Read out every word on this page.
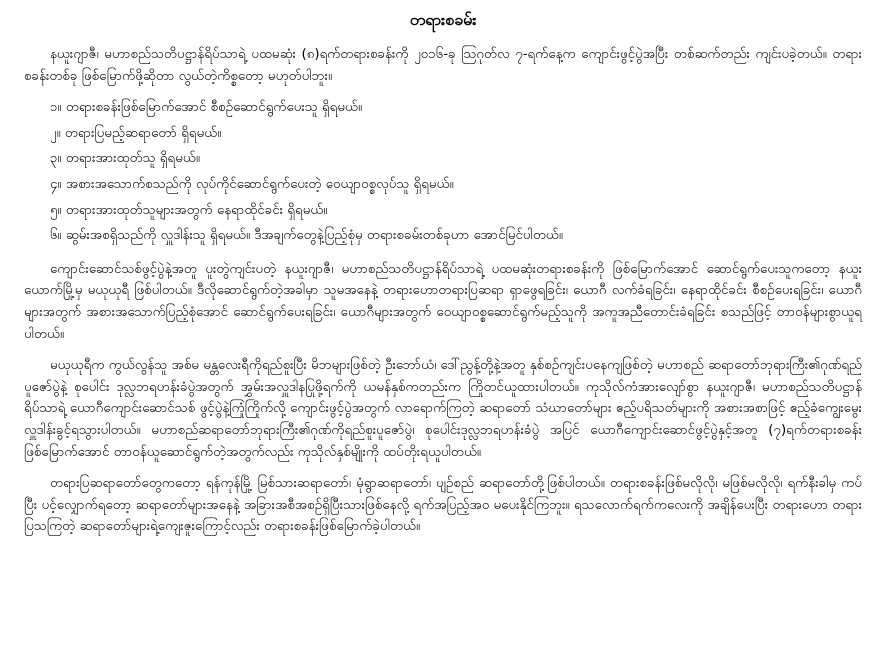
တရားစခမ်း

နယူးဂျာဇီ၊ မဟာစည်သတိပဋ္ဌာန်ရိပ်သာရဲ့ ပထမဆုံး (၈)ရက်တရားစခန်းကို ၂၀၁၆-ခု ဩဂုတ်လ ၇-ရက်နေ့က ကျောင်းဖွင့်ပွဲအပြီး တစ်ဆက်တည်း ကျင်းပခဲ့တယ်။ တရားစခန်းတစ်ခု ဖြစ်မြောက်ဖို့ဆိုတာ လွယ်တဲ့ကိစ္စတော့ မဟုတ်ပါဘူး။

၁။ တရားစခန်းဖြစ်မြောက်အောင် စီစဉ်ဆောင်ရွက်ပေးသူ ရှိရမယ်။
၂။ တရားပြမည့်ဆရာတော် ရှိရမယ်။
၃။ တရားအားထုတ်သူ ရှိရမယ်။
၄။ အစားအသောက်စသည်ကို လုပ်ကိုင်ဆောင်ရွက်ပေးတဲ့ ဝေယျာဝစ္စလုပ်သူ ရှိရမယ်။
၅။ တရားအားထုတ်သူများအတွက် နေရာထိုင်ခင်း ရှိရမယ်။
၆။ ဆွမ်းအစရှိသည်ကို လှူဒါန်းသူ ရှိရမယ်။ ဒီအချက်တွေနဲ့ပြည့်စုံမှ တရားစခမ်းတစ်ခုဟာ အောင်မြင်ပါတယ်။

ကျောင်းဆောင်သစ်ဖွင့်ပွဲနဲ့အတူ ပူးတွဲကျင်းပတဲ့ နယူးဂျာဇီ၊ မဟာစည်သတိပဋ္ဌာန်ရိပ်သာရဲ့ ပထမဆုံးတရားစခန်းကို ဖြစ်မြောက်အောင် ဆောင်ရွက်ပေးသူကတော့ နယူးယောက်မြို့မှ မယုယုရီ ဖြစ်ပါတယ်။ ဒီလိုဆောင်ရွက်တဲ့အခါမှာ သူမအနေနဲ့ တရားဟောတရားပြဆရာ ရှာဖွေရခြင်း၊ ယောဂီ လက်ခံရခြင်း၊ နေရာထိုင်ခင်း စီစဉ်ပေးရခြင်း၊ ယောဂီများအတွက် အစားအသောက်ပြည့်စုံအောင် ဆောင်ရွက်ပေးရခြင်း၊ ယောဂီများအတွက် ဝေယျာဝစ္စဆောင်ရွက်မည့်သူကို အကူအညီတောင်းခံရခြင်း စသည်ဖြင့် တာဝန်များစွာယူရပါတယ်။

မယုယုရီက ကွယ်လွန်သူ အစ်မ မန္တလေးရီကိုရည်စူးပြီး မိဘများဖြစ်တဲ့ ဦးဘော်ယံ၊ ဒေါ်ညွန့်တို့နဲ့အတူ နှစ်စဉ်ကျင်းပနေကျဖြစ်တဲ့ မဟာစည် ဆရာတော်ဘုရားကြီး၏ဂုဏ်ရည်ပူဇော်ပွဲနဲ့ စုပေါင်း ဒုလ္လဘရဟန်းခံပွဲအတွက် အွှမ်းအလှူဒါနပြုဖို့ရက်ကို ယမန်နှစ်ကတည်းက ကြိုတင်ယူထားပါတယ်။ ကုသိုလ်ကံအားလျော်စွာ နယူးဂျာဇီ၊ မဟာစည်သတိပဋ္ဌာန်ရိပ်သာရဲ့ ယောဂီကျောင်းဆောင်သစ် ဖွင့်ပွဲနဲ့ကြုံကြိုက်လို့ ကျောင်းဖွင့်ပွဲအတွက် လာရောက်ကြတဲ့ ဆရာတော် သံဃာတော်များ ဧည့်ပရိသတ်များကို အစားအစာဖြင့် ဧည့်ခံကျွေးမွေး လှူဒါန်းခွင့်ရသွားပါတယ်။ မဟာစည်ဆရာတော်ဘုရားကြီး၏ဂုဏ်ကိုရည်စူးပူဇော်ပွဲ၊ စုပေါင်းဒုလ္လဘရဟန်းခံပွဲ အပြင် ယောဂီကျောင်းဆောင်ဖွင့်ပွဲနှင့်အတူ (၇)ရက်တရားစခန်းဖြစ်မြောက်အောင် တာဝန်ယူဆောင်ရွက်တဲ့အတွက်လည်း ကုသိုလ်နှစ်မျိုးကို ထပ်တိုးရယူပါတယ်။

တရားပြဆရာတော်တွေကတော့ ရန်ကုန်မြို့ မြစ်သားဆရာတော်၊ မုံရွာဆရာတော်၊ ပျဉ်စည် ဆရာတော်တို့ဖြစ်ပါတယ်။ တရားစခန်းဖြစ်မလိုလို၊ မဖြစ်မလိုလို၊ ရက်နီးခါမှ ကပ်ပြီး ပင့်လျှောက်ရတော့ ဆရာတော်များအနေနဲ့ အခြားအစီအစဉ်ရှိပြီးသားဖြစ်နေလို့ ရက်အပြည့်အဝ မပေးနိုင်ကြဘူး။ ရသလောက်ရက်ကလေးကို အချိန်ပေးပြီး တရားဟော တရားပြသကြတဲ့ ဆရာတော်များရဲ့ကျေးဇူးကြောင့်လည်း တရားစခန်းဖြစ်မြောက်ခဲ့ပါတယ်။
